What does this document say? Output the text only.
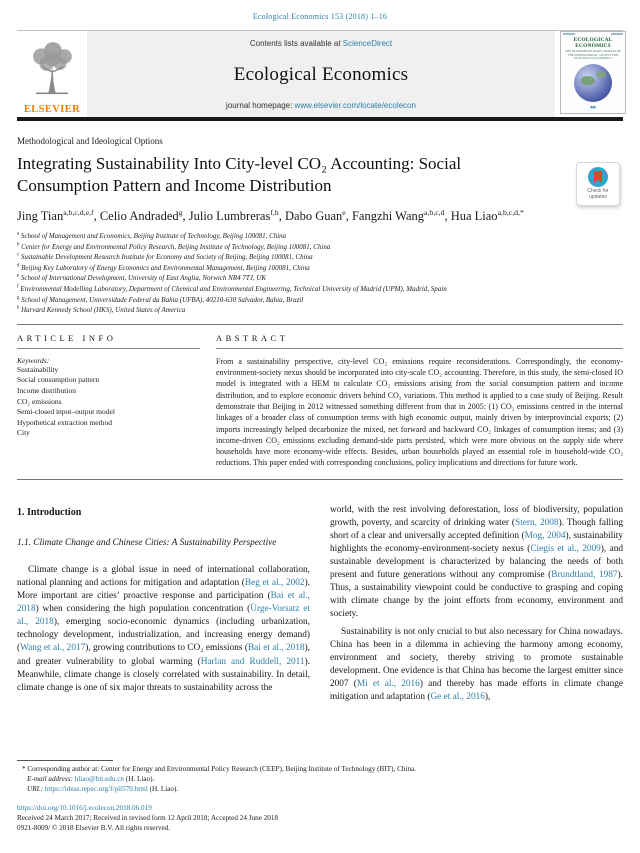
Ecological Economics 153 (2018) 1–16
ELSEVIER
Contents lists available at ScienceDirect
Ecological Economics
journal homepage: www.elsevier.com/locate/ecolecon
ECOLOGICAL ECONOMICS
THE TRANSDISCIPLINARY JOURNAL OF THE INTERNATIONAL SOCIETY FOR ECOLOGICAL ECONOMICS
▮▮▮
Methodological and Ideological Options
Integrating Sustainability Into City-level CO₂ Accounting: Social Consumption Pattern and Income Distribution	Check for
updates
Jing Tian$^{a,b,c,d,e,f}$, Celio Andraded$^g$, Julio Lumbreras$^{f,h}$, Dabo Guan$^e$, Fangzhi Wang$^{a,b,c,d}$, Hua Liao$^{a,b,c,d,*}$
$^a$ School of Management and Economics, Beijing Institute of Technology, Beijing 100081, China
$^b$ Center for Energy and Environmental Policy Research, Beijing Institute of Technology, Beijing 100081, China
$^c$ Sustainable Development Research Institute for Economy and Society of Beijing, Beijing 100081, China
$^d$ Beijing Key Laboratory of Energy Economics and Environmental Management, Beijing 100081, China
$^e$ School of International Development, University of East Anglia, Norwich NR4 7TJ, UK
$^f$ Environmental Modelling Laboratory, Department of Chemical and Environmental Engineering, Technical University of Madrid (UPM), Madrid, Spain
$^g$ School of Management, Universidade Federal da Bahia (UFBA), 40210-630 Salvador, Bahia, Brazil
$^h$ Harvard Kennedy School (HKS), United States of America
ARTICLE INFO
Keywords:
Sustainability
Social consumption pattern
Income distribution
CO₂ emissions
Semi-closed input–output model
Hypothetical extraction method
City
ABSTRACT
From a sustainability perspective, city-level CO₂ emissions require reconsiderations. Correspondingly, the economy-environment-society nexus should be incorporated into city-scale CO₂ accounting. Therefore, in this study, the semi-closed IO model is integrated with a HEM to calculate CO₂ emissions arising from the social consumption pattern and income distribution, and to explore economic drivers behind CO₂ variations. This method is applied to a case study of Beijing. Result demonstrate that Beijing in 2012 witnessed something different from that in 2005: (1) CO₂ emissions centred in the internal linkages of a broader class of consumption terms with high economic output, mainly driven by interprovincial exports; (2) imports increasingly helped decarbonize the mixed, net forward and backward CO₂ linkages of consumption items; and (3) income-driven CO₂ emissions excluding demand-side parts persisted, which were more obvious on the supply side where households have more economy-wide effects. Besides, urban households played an essential role in household-wide CO₂ reductions. This paper ended with corresponding conclusions, policy implications and directions for future work.
1. Introduction
1.1. Climate Change and Chinese Cities: A Sustainability Perspective

Climate change is a global issue in need of international collaboration, national planning and actions for mitigation and adaptation (Beg et al., 2002). More important are cities’ proactive response and participation (Bai et al., 2018) when considering the high population concentration (Ürge-Vorsatz et al., 2018), emerging socio-economic dynamics (including urbanization, technology development, industrialization, and increasing energy demand) (Wang et al., 2017), growing contributions to CO₂ emissions (Bai et al., 2018), and greater vulnerability to global warming (Harlan and Ruddell, 2011). Meanwhile, climate change is closely correlated with sustainability. In detail, climate change is one of six major threats to sustainability across the

world, with the rest involving deforestation, loss of biodiversity, population growth, poverty, and scarcity of drinking water (Stern, 2008). Though falling short of a clear and universally accepted definition (Mog, 2004), sustainability highlights the economy-environment-society nexus (Ciegis et al., 2009), and sustainable development is characterized by balancing the needs of both present and future generations without any compromise (Brundtland, 1987). Thus, a sustainability viewpoint could be conductive to grasping and coping with climate change by the joint efforts from economy, environment and society.

Sustainability is not only crucial to but also necessary for China nowadays. China has been in a dilemma in achieving the harmony among economy, environment and society, thereby striving to promote sustainable development. One evidence is that China has become the largest emitter since 2007 (Mi et al., 2016) and thereby has made efforts in climate change mitigation and adaptation (Ge et al., 2016),

* Corresponding author at: Center for Energy and Environmental Policy Research (CEEP), Beijing Institute of Technology (BIT), China.
E-mail address: hliao@bit.edu.cn (H. Liao).
URL: https://ideas.repec.org/f/pli570.html (H. Liao).
https://doi.org/10.1016/j.ecolecon.2018.06.019
Received 24 March 2017; Received in revised form 12 April 2018; Accepted 24 June 2018
0921-8009/ © 2018 Elsevier B.V. All rights reserved.
